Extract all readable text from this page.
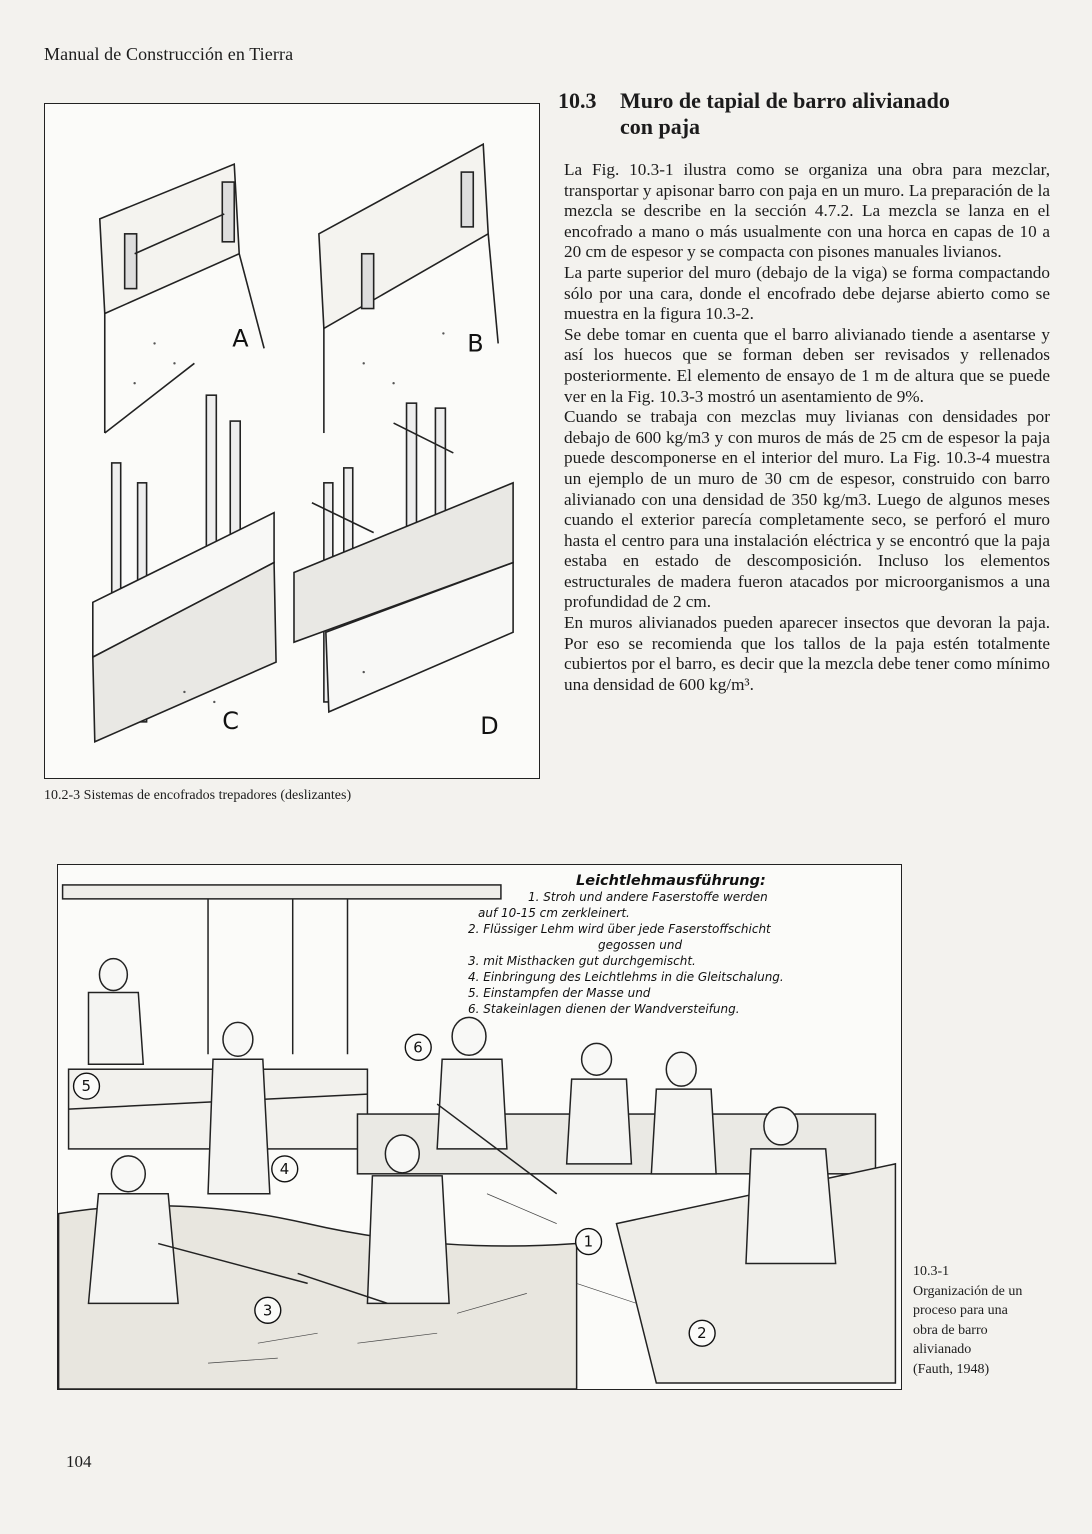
Manual de Construcción en Tierra
A	B
C	D
10.2-3 Sistemas de encofrados trepadores (deslizantes)
10.3 Muro de tapial de barro alivianado
con paja

La Fig. 10.3-1 ilustra como se organiza una obra para mezclar, transportar y apisonar barro con paja en un muro. La preparación de la mezcla se describe en la sección 4.7.2. La mezcla se lanza en el encofrado a mano o más usualmente con una horca en capas de 10 a 20 cm de espesor y se compacta con pisones manuales livianos.

La parte superior del muro (debajo de la viga) se forma compactando sólo por una cara, donde el encofrado debe dejarse abierto como se muestra en la figura 10.3-2.

Se debe tomar en cuenta que el barro alivianado tiende a asentarse y así los huecos que se forman deben ser revisados y rellenados posteriormente. El elemento de ensayo de 1 m de altura que se puede ver en la Fig. 10.3-3 mostró un asentamiento de 9%.

Cuando se trabaja con mezclas muy livianas con densidades por debajo de 600 kg/m3 y con muros de más de 25 cm de espesor la paja puede descomponerse en el interior del muro. La Fig. 10.3-4 muestra un ejemplo de un muro de 30 cm de espesor, construido con barro alivianado con una densidad de 350 kg/m3. Luego de algunos meses cuando el exterior parecía completamente seco, se perforó el muro hasta el centro para una instalación eléctrica y se encontró que la paja estaba en estado de descomposición. Incluso los elementos estructurales de madera fueron atacados por microorganismos a una profundidad de 2 cm.

En muros alivianados pueden aparecer insectos que devoran la paja. Por eso se recomienda que los tallos de la paja estén totalmente cubiertos por el barro, es decir que la mezcla debe tener como mínimo una densidad de 600 kg/m³.

1
2
3
4
5
6
Leichtlehmausführung:
1. Stroh und andere Faserstoffe werden
auf 10-15 cm zerkleinert.
2. Flüssiger Lehm wird über jede Faserstoffschicht
gegossen und
3. mit Misthacken gut durchgemischt.
4. Einbringung des Leichtlehms in die Gleitschalung.
5. Einstampfen der Masse und
6. Stakeinlagen dienen der Wandversteifung.
10.3-1
Organización de un
proceso para una
obra de barro
alivianado
(Fauth, 1948)
104
